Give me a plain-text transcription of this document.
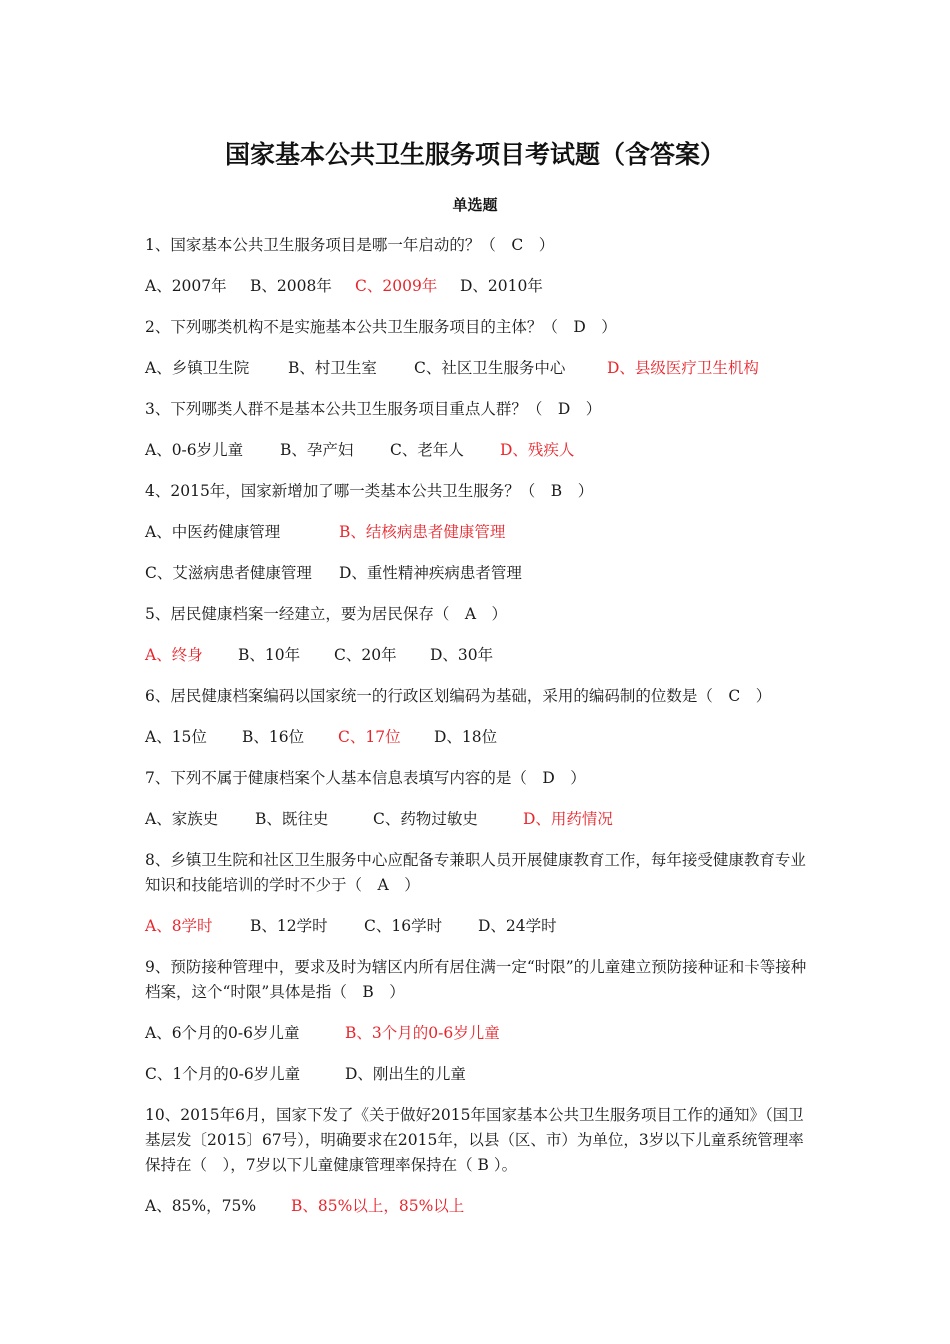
国家基本公共卫生服务项目考试题（含答案）
单选题
1、国家基本公共卫生服务项目是哪一年启动的？（　C　）
A、2007年 B、2008年 C、2009年 D、2010年
2、下列哪类机构不是实施基本公共卫生服务项目的主体？（　D　）
A、乡镇卫生院	B、村卫生室 C、社区卫生服务中心	D、县级医疗卫生机构
3、下列哪类人群不是基本公共卫生服务项目重点人群？（　D　）
A、0-6岁儿童 B、孕产妇 C、老年人 D、残疾人
4、2015年，国家新增加了哪一类基本公共卫生服务？（　B　）
A、中医药健康管理	B、结核病患者健康管理
C、艾滋病患者健康管理 D、重性精神疾病患者管理
5、居民健康档案一经建立，要为居民保存（　A　）
A、终身 B、10年 C、20年 D、30年
6、居民健康档案编码以国家统一的行政区划编码为基础，采用的编码制的位数是（　C　）
A、15位 B、16位 C、17位 D、18位
7、下列不属于健康档案个人基本信息表填写内容的是（　D　）
A、家族史 B、既往史	C、药物过敏史	D、用药情况
8、乡镇卫生院和社区卫生服务中心应配备专兼职人员开展健康教育工作，每年接受健康教育专业知识和技能培训的学时不少于（　A　）
A、8学时 B、12学时 C、16学时 D、24学时
9、预防接种管理中，要求及时为辖区内所有居住满一定“时限”的儿童建立预防接种证和卡等接种档案，这个“时限”具体是指（　B　）
A、6个月的0-6岁儿童	B、3个月的0-6岁儿童
C、1个月的0-6岁儿童	D、刚出生的儿童
10、2015年6月，国家下发了《关于做好2015年国家基本公共卫生服务项目工作的通知》（国卫基层发〔2015〕67号），明确要求在2015年，以县（区、市）为单位，3岁以下儿童系统管理率保持在（　），7岁以下儿童健康管理率保持在（ B ）。
A、85%，75% B、85%以上，85%以上
